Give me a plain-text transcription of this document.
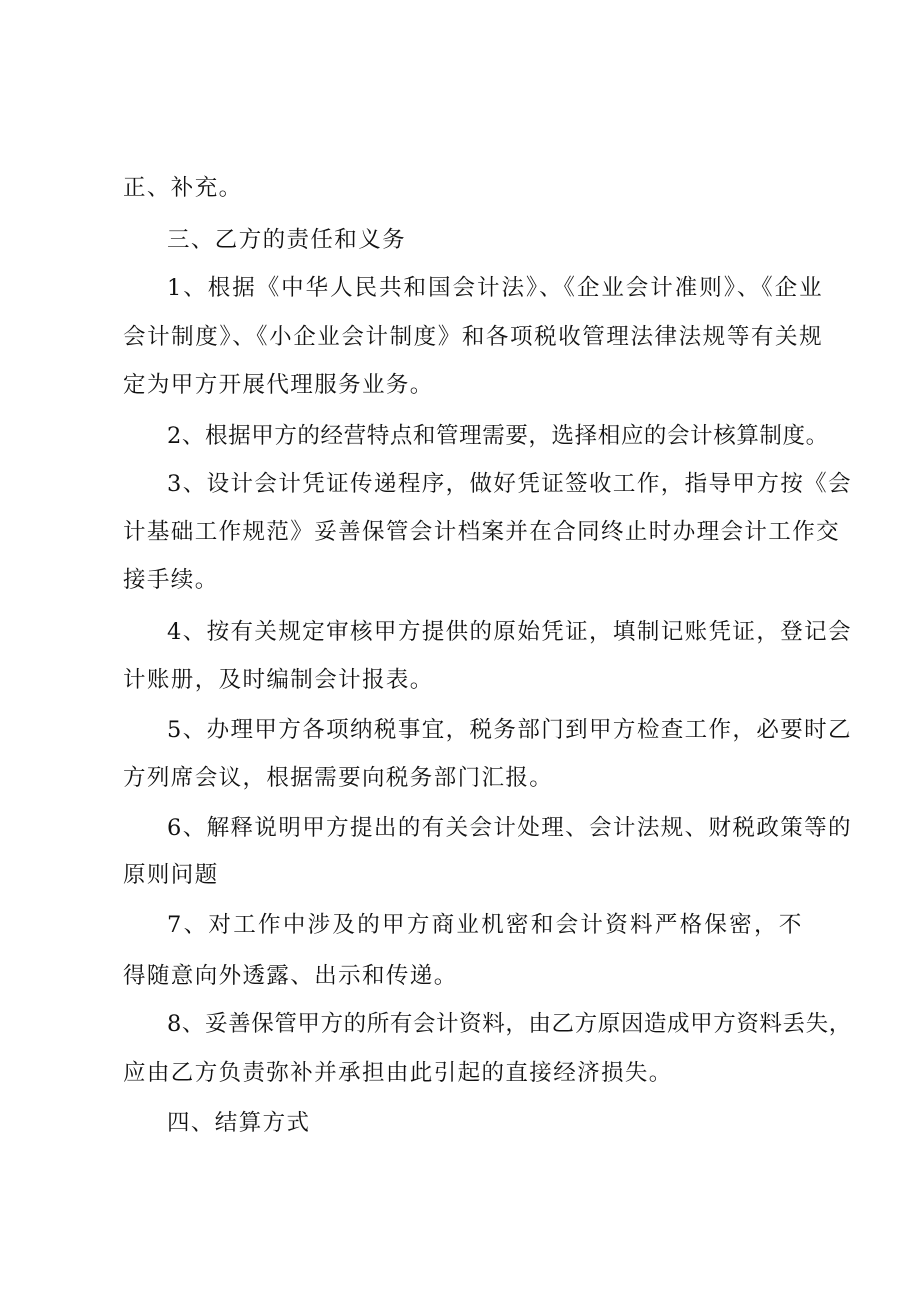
正、补充。
三、乙方的责任和义务
1、根据《中华人民共和国会计法》、《企业会计准则》、《企业
会计制度》、《小企业会计制度》和各项税收管理法律法规等有关规
定为甲方开展代理服务业务。
2、根据甲方的经营特点和管理需要，选择相应的会计核算制度。
3、设计会计凭证传递程序，做好凭证签收工作，指导甲方按《会
计基础工作规范》妥善保管会计档案并在合同终止时办理会计工作交
接手续。
4、按有关规定审核甲方提供的原始凭证，填制记账凭证，登记会
计账册，及时编制会计报表。
5、办理甲方各项纳税事宜，税务部门到甲方检查工作，必要时乙
方列席会议，根据需要向税务部门汇报。
6、解释说明甲方提出的有关会计处理、会计法规、财税政策等的
原则问题
7、对工作中涉及的甲方商业机密和会计资料严格保密，不
得随意向外透露、出示和传递。
8、妥善保管甲方的所有会计资料，由乙方原因造成甲方资料丢失，
应由乙方负责弥补并承担由此引起的直接经济损失。
四、结算方式
